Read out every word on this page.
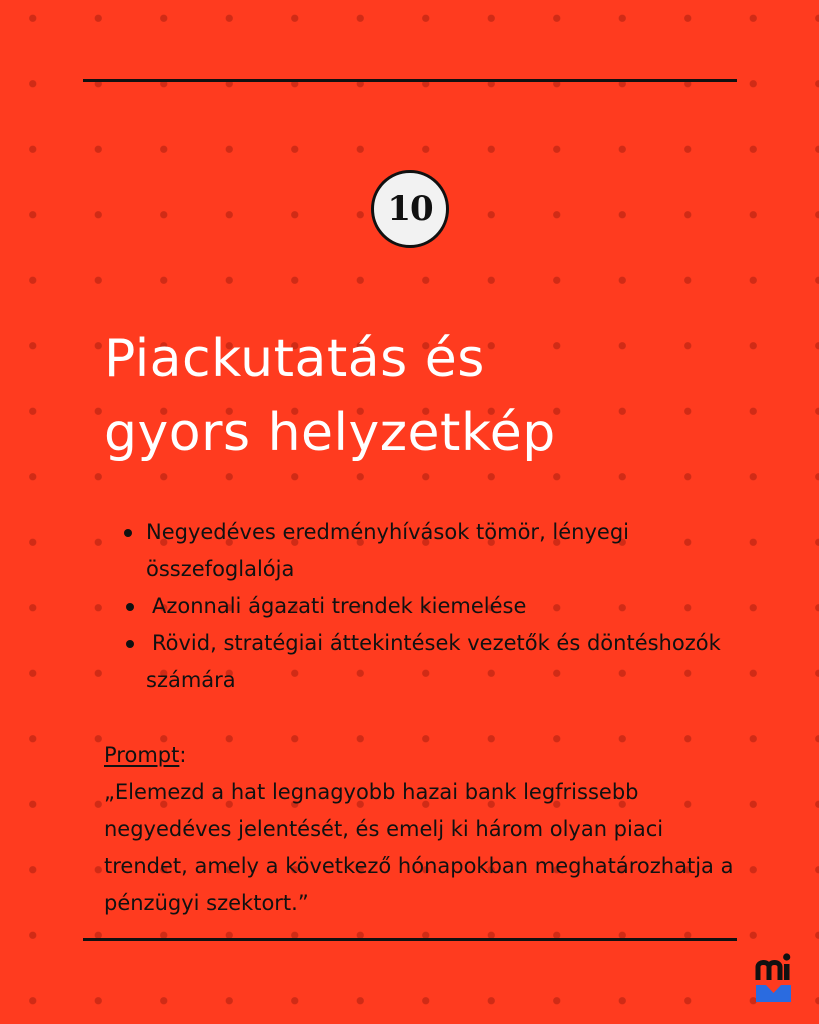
10
Piackutatás és
gyors helyzetkép
Negyedéves eredményhívások tömör, lényegi összefoglalója
Azonnali ágazati trendek kiemelése
Rövid, stratégiai áttekintések vezetők és döntéshozók számára
Prompt:
„Elemezd a hat legnagyobb hazai bank legfrissebb negyedéves jelentését, és emelj ki három olyan piaci trendet, amely a következő hónapokban meghatározhatja a pénzügyi szektort.”
